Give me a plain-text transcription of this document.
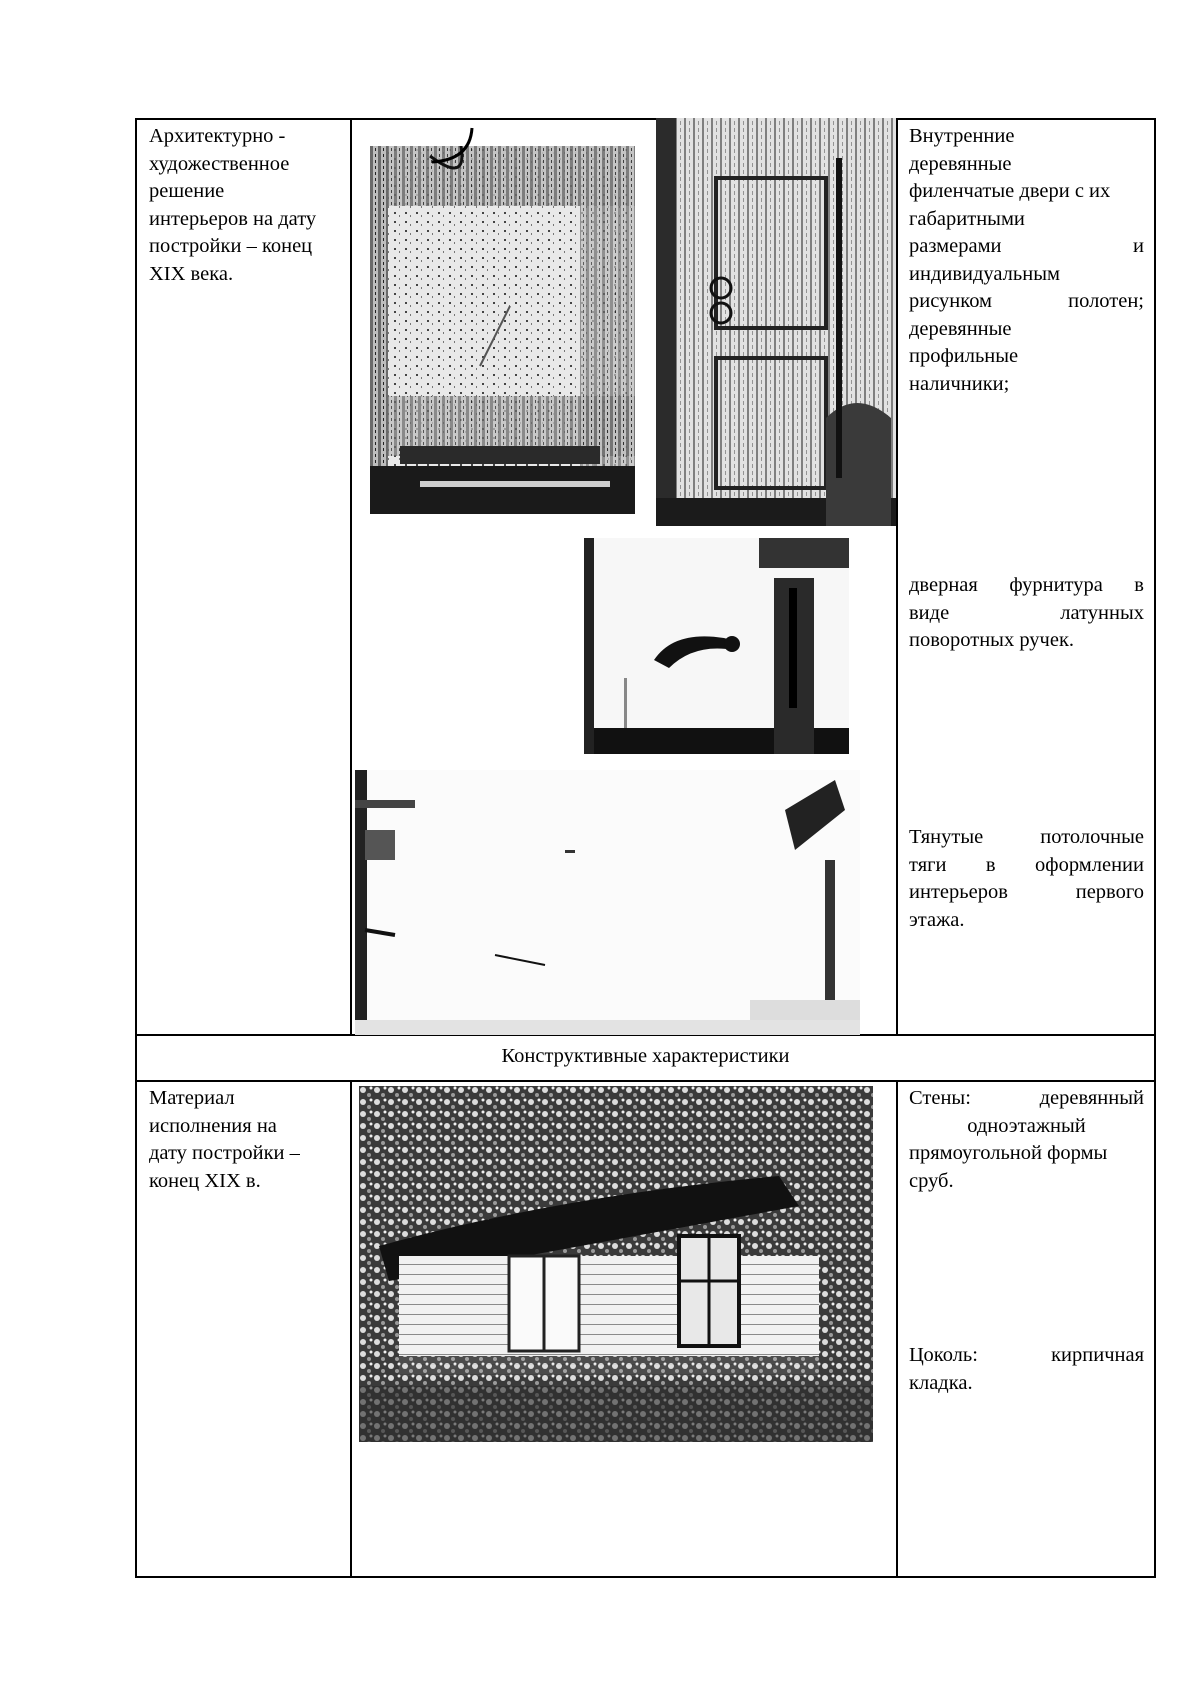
Архитектурно -
художественное
решение
интерьеров на дату
постройки – конец
XIX века.
Внутренние
деревянные
филенчатые двери с их
габаритными
размерами и
индивидуальным
рисунком полотен;
деревянные
профильные
наличники;
дверная фурнитура в
виде латунных
поворотных ручек.
Тянутые потолочные
тяги в оформлении
интерьеров первого
этажа.
Конструктивные характеристики
Материал
исполнения на
дату постройки –
конец XIX в.
Стены: деревянный
одноэтажный
прямоугольной формы
сруб.
Цоколь: кирпичная
кладка.
